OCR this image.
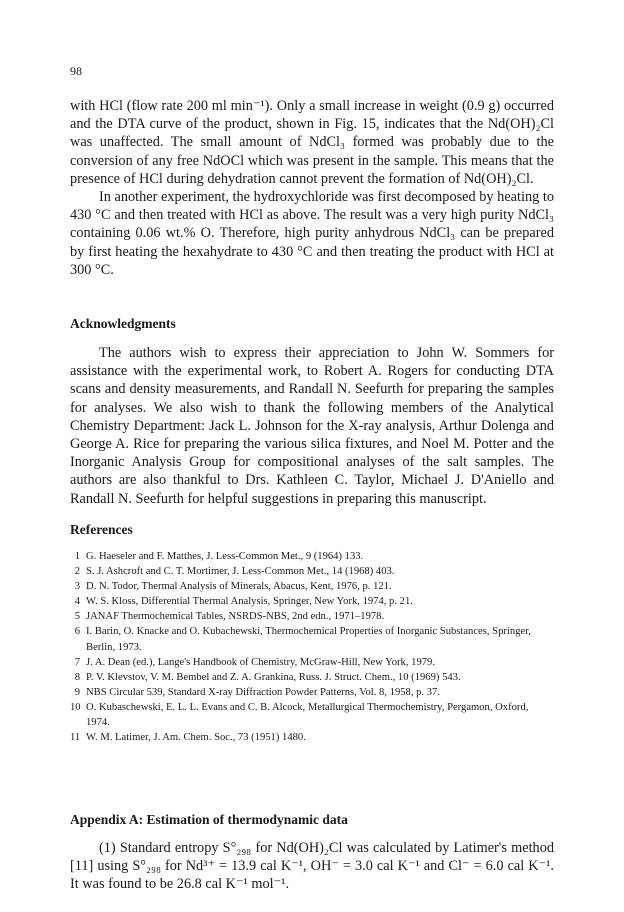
98

with HCl (flow rate 200 ml min⁻¹). Only a small increase in weight (0.9 g) occurred and the DTA curve of the product, shown in Fig. 15, indicates that the Nd(OH)₂Cl was unaffected. The small amount of NdCl₃ formed was probably due to the conversion of any free NdOCl which was present in the sample. This means that the presence of HCl during dehydration cannot prevent the formation of Nd(OH)₂Cl.

In another experiment, the hydroxychloride was first decomposed by heating to 430 °C and then treated with HCl as above. The result was a very high purity NdCl₃ containing 0.06 wt.% O. Therefore, high purity anhydrous NdCl₃ can be prepared by first heating the hexahydrate to 430 °C and then treating the product with HCl at 300 °C.

Acknowledgments

The authors wish to express their appreciation to John W. Sommers for assistance with the experimental work, to Robert A. Rogers for conducting DTA scans and density measurements, and Randall N. Seefurth for preparing the samples for analyses. We also wish to thank the following members of the Analytical Chemistry Department: Jack L. Johnson for the X-ray analysis, Arthur Dolenga and George A. Rice for preparing the various silica fixtures, and Noel M. Potter and the Inorganic Analysis Group for compositional analyses of the salt samples. The authors are also thankful to Drs. Kathleen C. Taylor, Michael J. D'Aniello and Randall N. Seefurth for helpful suggestions in preparing this manuscript.

References
1 G. Haeseler and F. Matthes, J. Less-Common Met., 9 (1964) 133.
2 S. J. Ashcroft and C. T. Mortimer, J. Less-Common Met., 14 (1968) 403.
3 D. N. Todor, Thermal Analysis of Minerals, Abacus, Kent, 1976, p. 121.
4 W. S. Kloss, Differential Thermal Analysis, Springer, New York, 1974, p. 21.
5 JANAF Thermochemical Tables, NSRDS-NBS, 2nd edn., 1971–1978.
6 I. Barin, O. Knacke and O. Kubachewski, Thermochemical Properties of Inorganic Substances, Springer, Berlin, 1973.
7 J. A. Dean (ed.), Lange's Handbook of Chemistry, McGraw-Hill, New York, 1979.
8 P. V. Klevstov, V. M. Bembel and Z. A. Grankina, Russ. J. Struct. Chem., 10 (1969) 543.
9 NBS Circular 539, Standard X-ray Diffraction Powder Patterns, Vol. 8, 1958, p. 37.
10 O. Kubaschewski, E. L. L. Evans and C. B. Alcock, Metallurgical Thermochemistry, Pergamon, Oxford, 1974.
11 W. M. Latimer, J. Am. Chem. Soc., 73 (1951) 1480.
Appendix A: Estimation of thermodynamic data

(1) Standard entropy S°₂₉₈ for Nd(OH)₂Cl was calculated by Latimer's method [11] using S°₂₉₈ for Nd³⁺ = 13.9 cal K⁻¹, OH⁻ = 3.0 cal K⁻¹ and Cl⁻ = 6.0 cal K⁻¹. It was found to be 26.8 cal K⁻¹ mol⁻¹.
